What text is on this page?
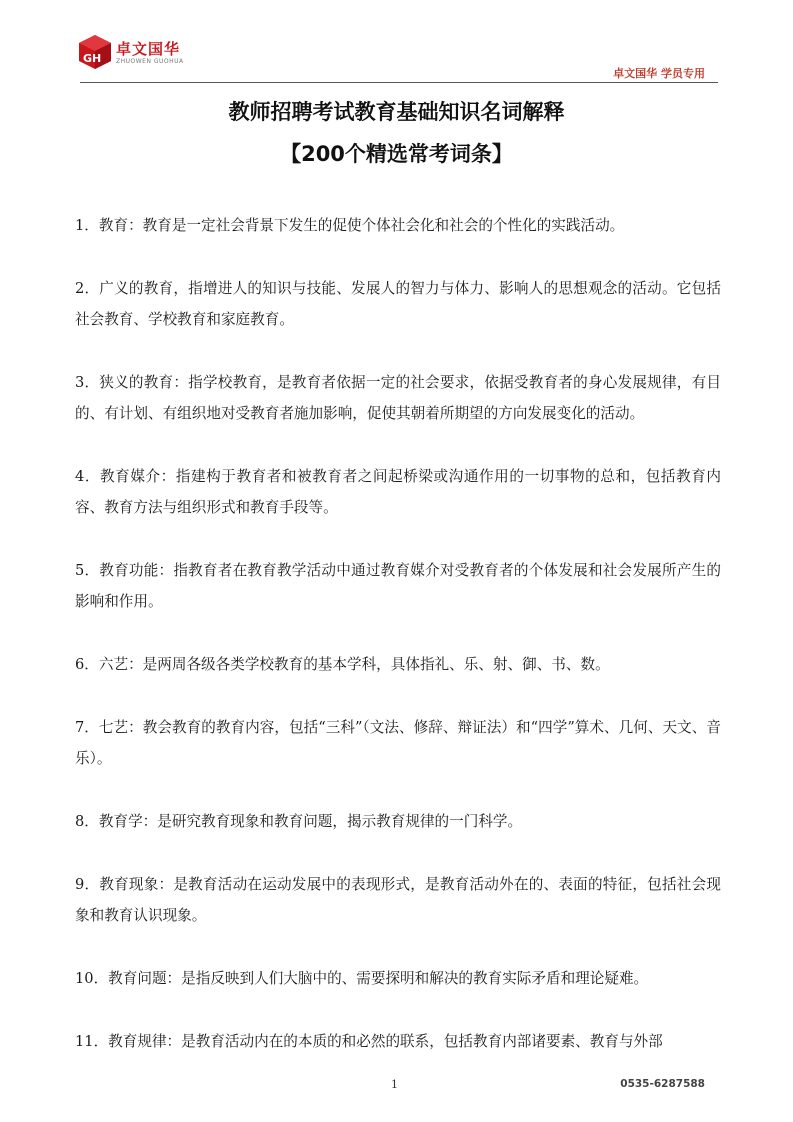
GH
卓文国华
ZHUOWEN GUOHUA
卓文国华 学员专用
教师招聘考试教育基础知识名词解释
【200个精选常考词条】

1．教育：教育是一定社会背景下发生的促使个体社会化和社会的个性化的实践活动。

2．广义的教育，指增进人的知识与技能、发展人的智力与体力、影响人的思想观念的活动。它包括社会教育、学校教育和家庭教育。

3．狭义的教育：指学校教育，是教育者依据一定的社会要求，依据受教育者的身心发展规律，有目的、有计划、有组织地对受教育者施加影响，促使其朝着所期望的方向发展变化的活动。

4．教育媒介：指建构于教育者和被教育者之间起桥梁或沟通作用的一切事物的总和，包括教育内容、教育方法与组织形式和教育手段等。

5．教育功能：指教育者在教育教学活动中通过教育媒介对受教育者的个体发展和社会发展所产生的影响和作用。

6．六艺：是两周各级各类学校教育的基本学科，具体指礼、乐、射、御、书、数。

7．七艺：教会教育的教育内容，包括“三科”（文法、修辞、辩证法）和“四学”算术、几何、天文、音乐）。

8．教育学：是研究教育现象和教育问题，揭示教育规律的一门科学。

9．教育现象：是教育活动在运动发展中的表现形式，是教育活动外在的、表面的特征，包括社会现象和教育认识现象。

10．教育问题：是指反映到人们大脑中的、需要探明和解决的教育实际矛盾和理论疑难。

11．教育规律：是教育活动内在的本质的和必然的联系，包括教育内部诸要素、教育与外部

1	0535-6287588
